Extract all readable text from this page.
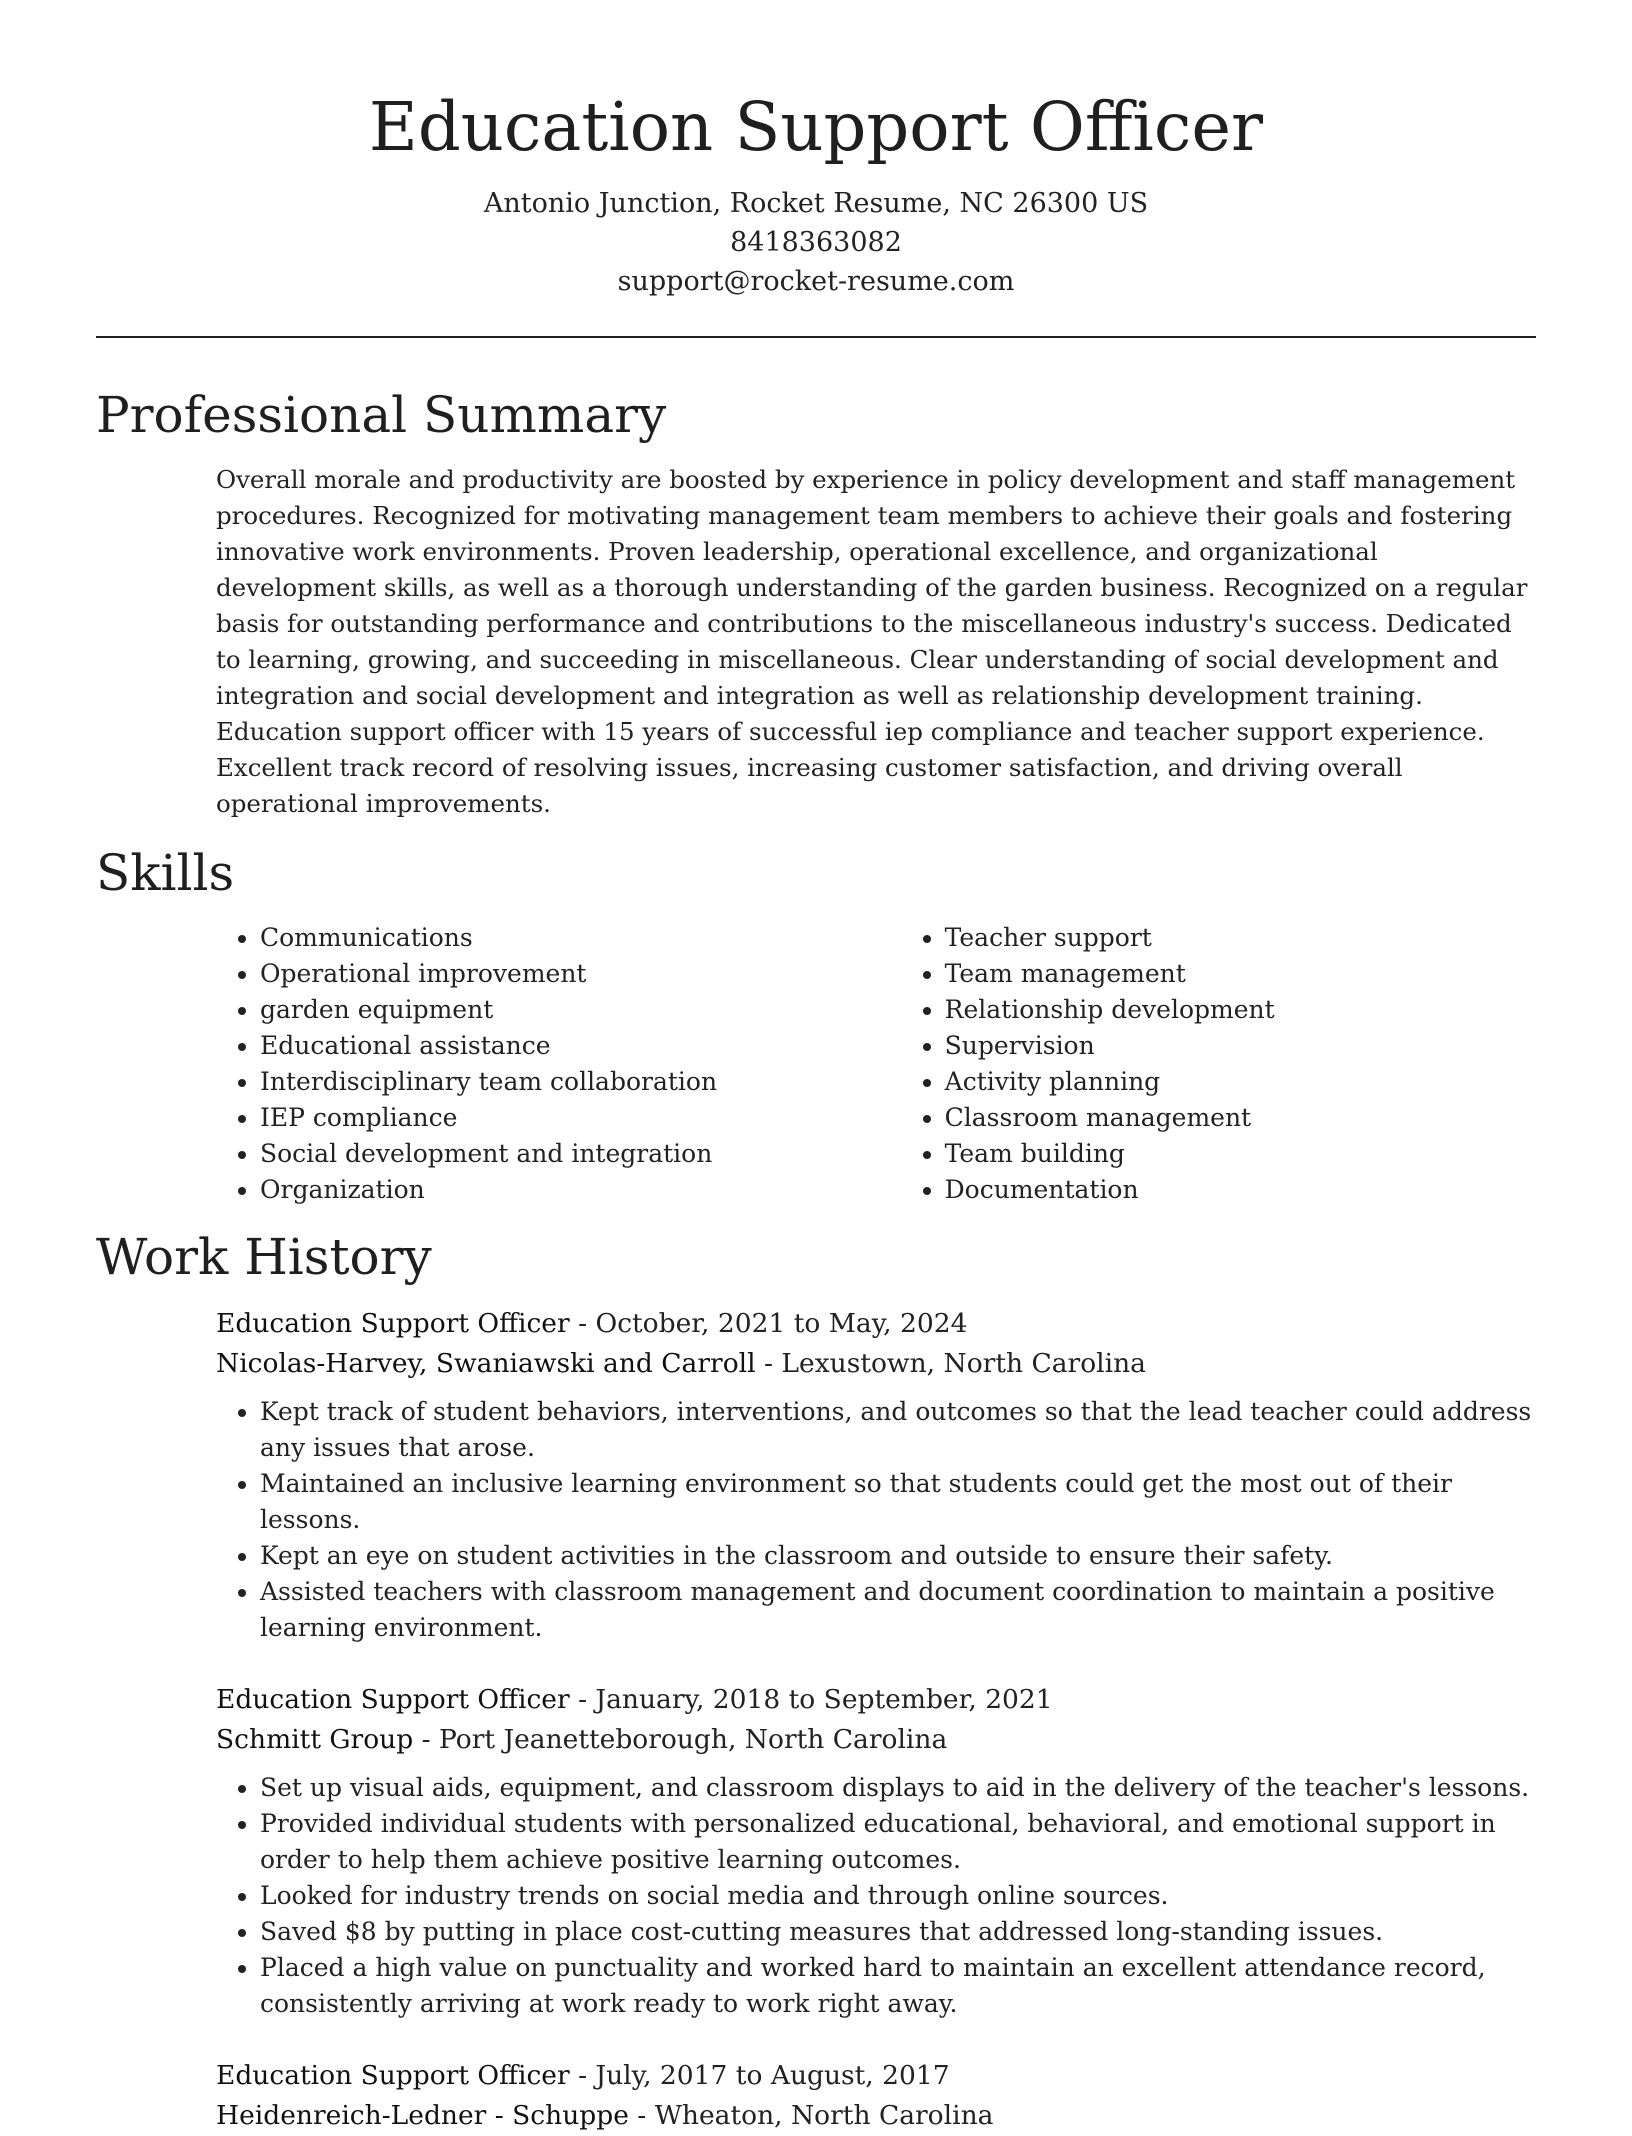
Education Support Officer
Antonio Junction, Rocket Resume, NC 26300 US
8418363082
support@rocket-resume.com
Professional Summary
Overall morale and productivity are boosted by experience in policy development and staff management procedures. Recognized for motivating management team members to achieve their goals and fostering innovative work environments. Proven leadership, operational excellence, and organizational development skills, as well as a thorough understanding of the garden business. Recognized on a regular basis for outstanding performance and contributions to the miscellaneous industry's success. Dedicated to learning, growing, and succeeding in miscellaneous. Clear understanding of social development and integration and social development and integration as well as relationship development training. Education support officer with 15 years of successful iep compliance and teacher support experience. Excellent track record of resolving issues, increasing customer satisfaction, and driving overall operational improvements.
Skills
• Communications
• Operational improvement
• garden equipment
• Educational assistance
• Interdisciplinary team collaboration
• IEP compliance
• Social development and integration
• Organization
• Teacher support
• Team management
• Relationship development
• Supervision
• Activity planning
• Classroom management
• Team building
• Documentation
Work History
Education Support Officer - October, 2021 to May, 2024
Nicolas-Harvey, Swaniawski and Carroll - Lexustown, North Carolina
• Kept track of student behaviors, interventions, and outcomes so that the lead teacher could address any issues that arose.
• Maintained an inclusive learning environment so that students could get the most out of their lessons.
• Kept an eye on student activities in the classroom and outside to ensure their safety.
• Assisted teachers with classroom management and document coordination to maintain a positive learning environment.
Education Support Officer - January, 2018 to September, 2021
Schmitt Group - Port Jeanetteborough, North Carolina
• Set up visual aids, equipment, and classroom displays to aid in the delivery of the teacher's lessons.
• Provided individual students with personalized educational, behavioral, and emotional support in order to help them achieve positive learning outcomes.
• Looked for industry trends on social media and through online sources.
• Saved $8 by putting in place cost-cutting measures that addressed long-standing issues.
• Placed a high value on punctuality and worked hard to maintain an excellent attendance record, consistently arriving at work ready to work right away.
Education Support Officer - July, 2017 to August, 2017
Heidenreich-Ledner - Schuppe - Wheaton, North Carolina
